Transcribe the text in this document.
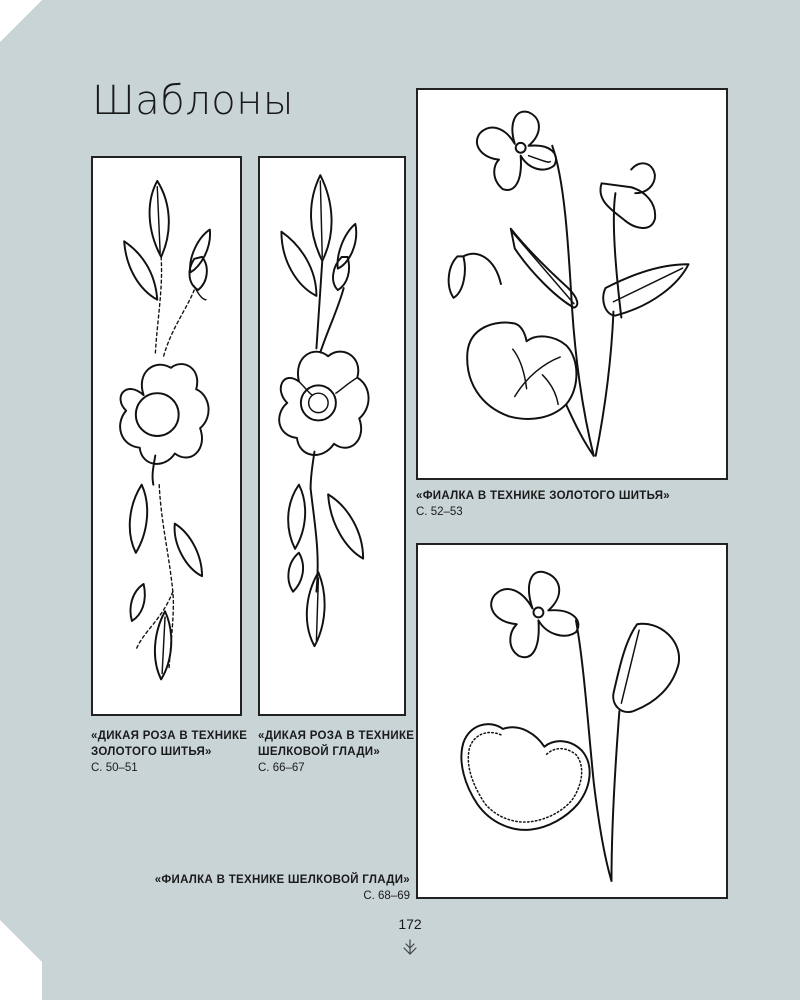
Шаблоны
«ДИКАЯ РОЗА В ТЕХНИКЕ
ЗОЛОТОГО ШИТЬЯ»
С. 50–51
«ДИКАЯ РОЗА В ТЕХНИКЕ
ШЕЛКОВОЙ ГЛАДИ»
С. 66–67
«ФИАЛКА В ТЕХНИКЕ ЗОЛОТОГО ШИТЬЯ»
С. 52–53
«ФИАЛКА В ТЕХНИКЕ ШЕЛКОВОЙ ГЛАДИ»
С. 68–69
172
